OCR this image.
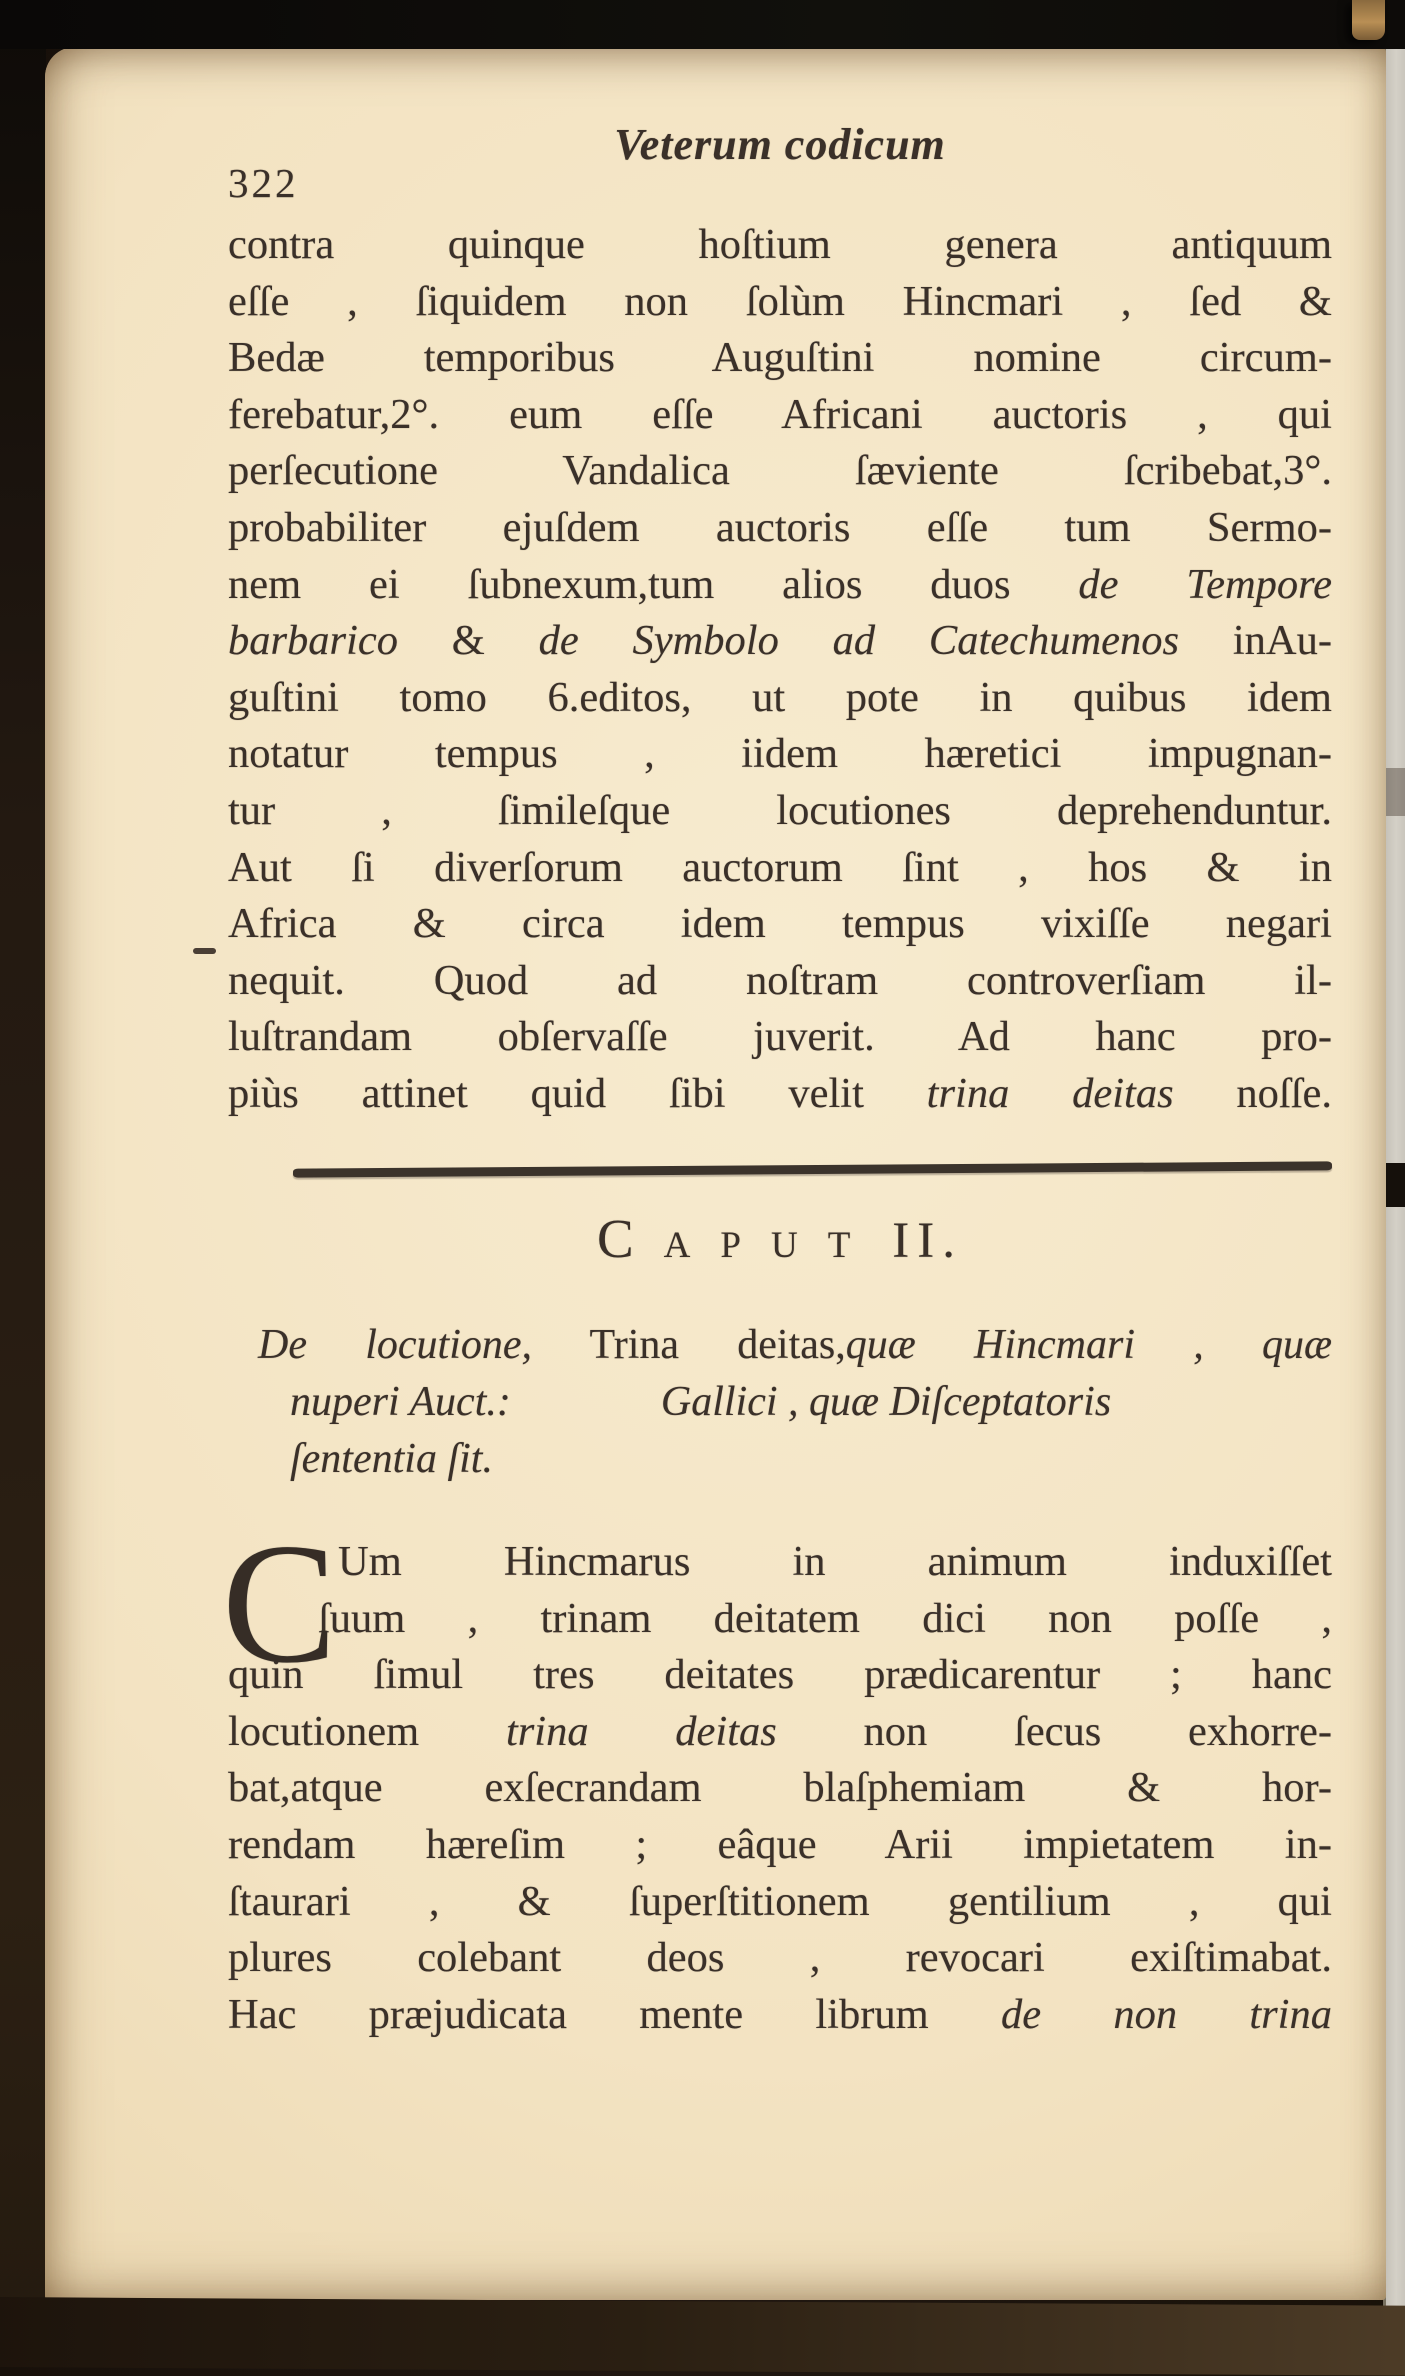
322
Veterum codicum
contra quinque hoſtium genera antiquum
eſſe , ſiquidem non ſolùm Hincmari , ſed &
Bedæ temporibus Auguſtini nomine circum-
ferebatur,2°. eum eſſe Africani auctoris , qui
perſecutione Vandalica ſæviente ſcribebat,3°.
probabiliter ejuſdem auctoris eſſe tum Sermo-
nem ei ſubnexum,tum alios duos de Tempore
barbarico & de Symbolo ad Catechumenos inAu-
guſtini tomo 6.editos, ut pote in quibus idem
notatur tempus , iidem hæretici impugnan-
tur , ſimileſque locutiones deprehenduntur.
Aut ſi diverſorum auctorum ſint , hos & in
Africa & circa idem tempus vixiſſe negari
nequit. Quod ad noſtram controverſiam il-
luſtrandam obſervaſſe juverit. Ad hanc pro-
piùs attinet quid ſibi velit trina deitas noſſe.
CAPUT II.
De locutione, Trina deitas,quæ Hincmari , quæ
nuperi Auct.:	Gallici , quæ Diſceptatoris
ſententia ſit.
C Um Hincmarus in animum induxiſſet
ſuum , trinam deitatem dici non poſſe ,
quin ſimul tres deitates prædicarentur ; hanc
locutionem trina deitas non ſecus exhorre-
bat,atque exſecrandam blaſphemiam & hor-
rendam hæreſim ; eâque Arii impietatem in-
ſtaurari , & ſuperſtitionem gentilium , qui
plures colebant deos , revocari exiſtimabat.
Hac præjudicata mente librum de non trina
